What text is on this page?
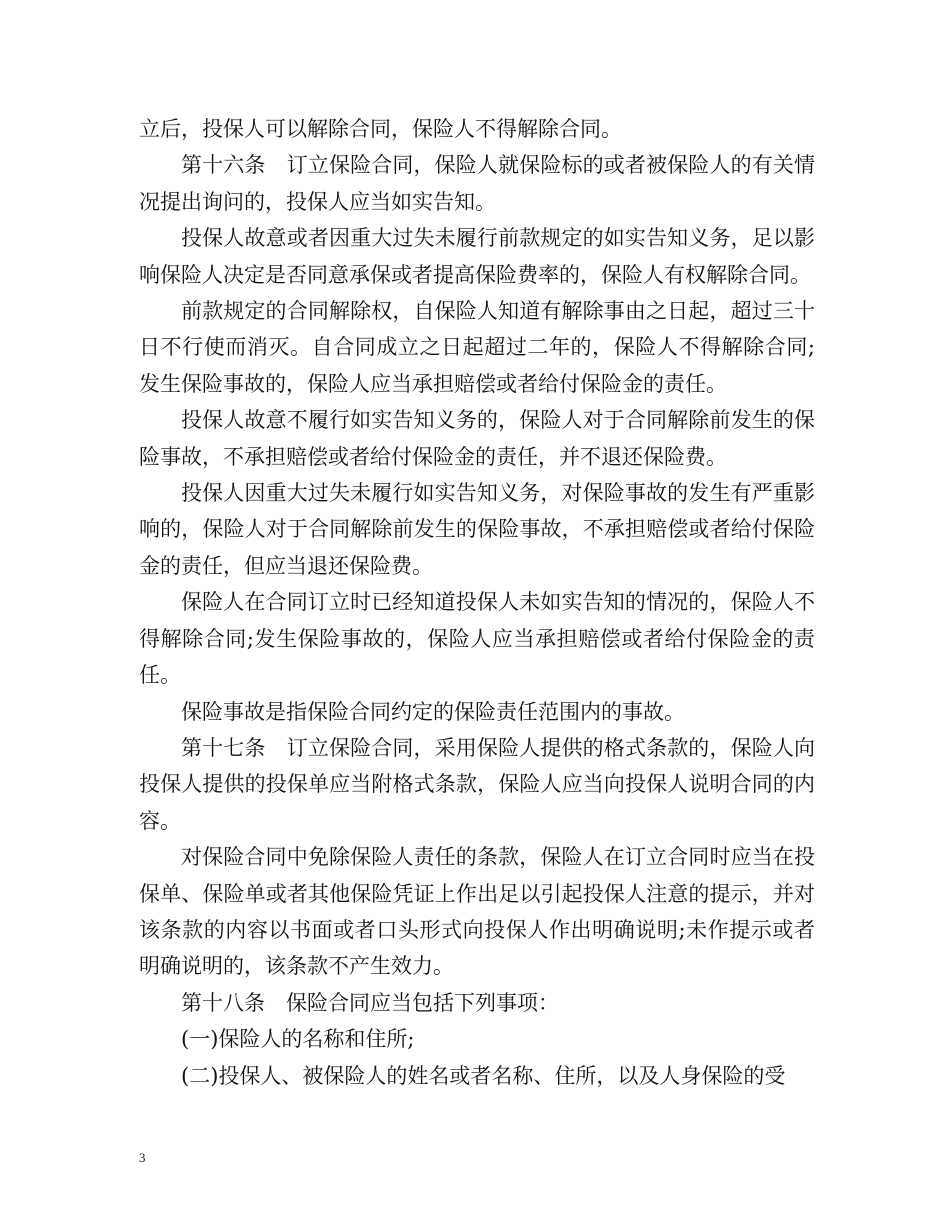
立后，投保人可以解除合同，保险人不得解除合同。

第十六条　订立保险合同，保险人就保险标的或者被保险人的有关情况提出询问的，投保人应当如实告知。

投保人故意或者因重大过失未履行前款规定的如实告知义务，足以影响保险人决定是否同意承保或者提高保险费率的，保险人有权解除合同。

前款规定的合同解除权，自保险人知道有解除事由之日起，超过三十日不行使而消灭。自合同成立之日起超过二年的，保险人不得解除合同;发生保险事故的，保险人应当承担赔偿或者给付保险金的责任。

投保人故意不履行如实告知义务的，保险人对于合同解除前发生的保险事故，不承担赔偿或者给付保险金的责任，并不退还保险费。

投保人因重大过失未履行如实告知义务，对保险事故的发生有严重影响的，保险人对于合同解除前发生的保险事故，不承担赔偿或者给付保险金的责任，但应当退还保险费。

保险人在合同订立时已经知道投保人未如实告知的情况的，保险人不得解除合同;发生保险事故的，保险人应当承担赔偿或者给付保险金的责任。

保险事故是指保险合同约定的保险责任范围内的事故。

第十七条　订立保险合同，采用保险人提供的格式条款的，保险人向投保人提供的投保单应当附格式条款，保险人应当向投保人说明合同的内容。

对保险合同中免除保险人责任的条款，保险人在订立合同时应当在投保单、保险单或者其他保险凭证上作出足以引起投保人注意的提示，并对该条款的内容以书面或者口头形式向投保人作出明确说明;未作提示或者明确说明的，该条款不产生效力。

第十八条　保险合同应当包括下列事项：

(一)保险人的名称和住所;

(二)投保人、被保险人的姓名或者名称、住所，以及人身保险的受

3
